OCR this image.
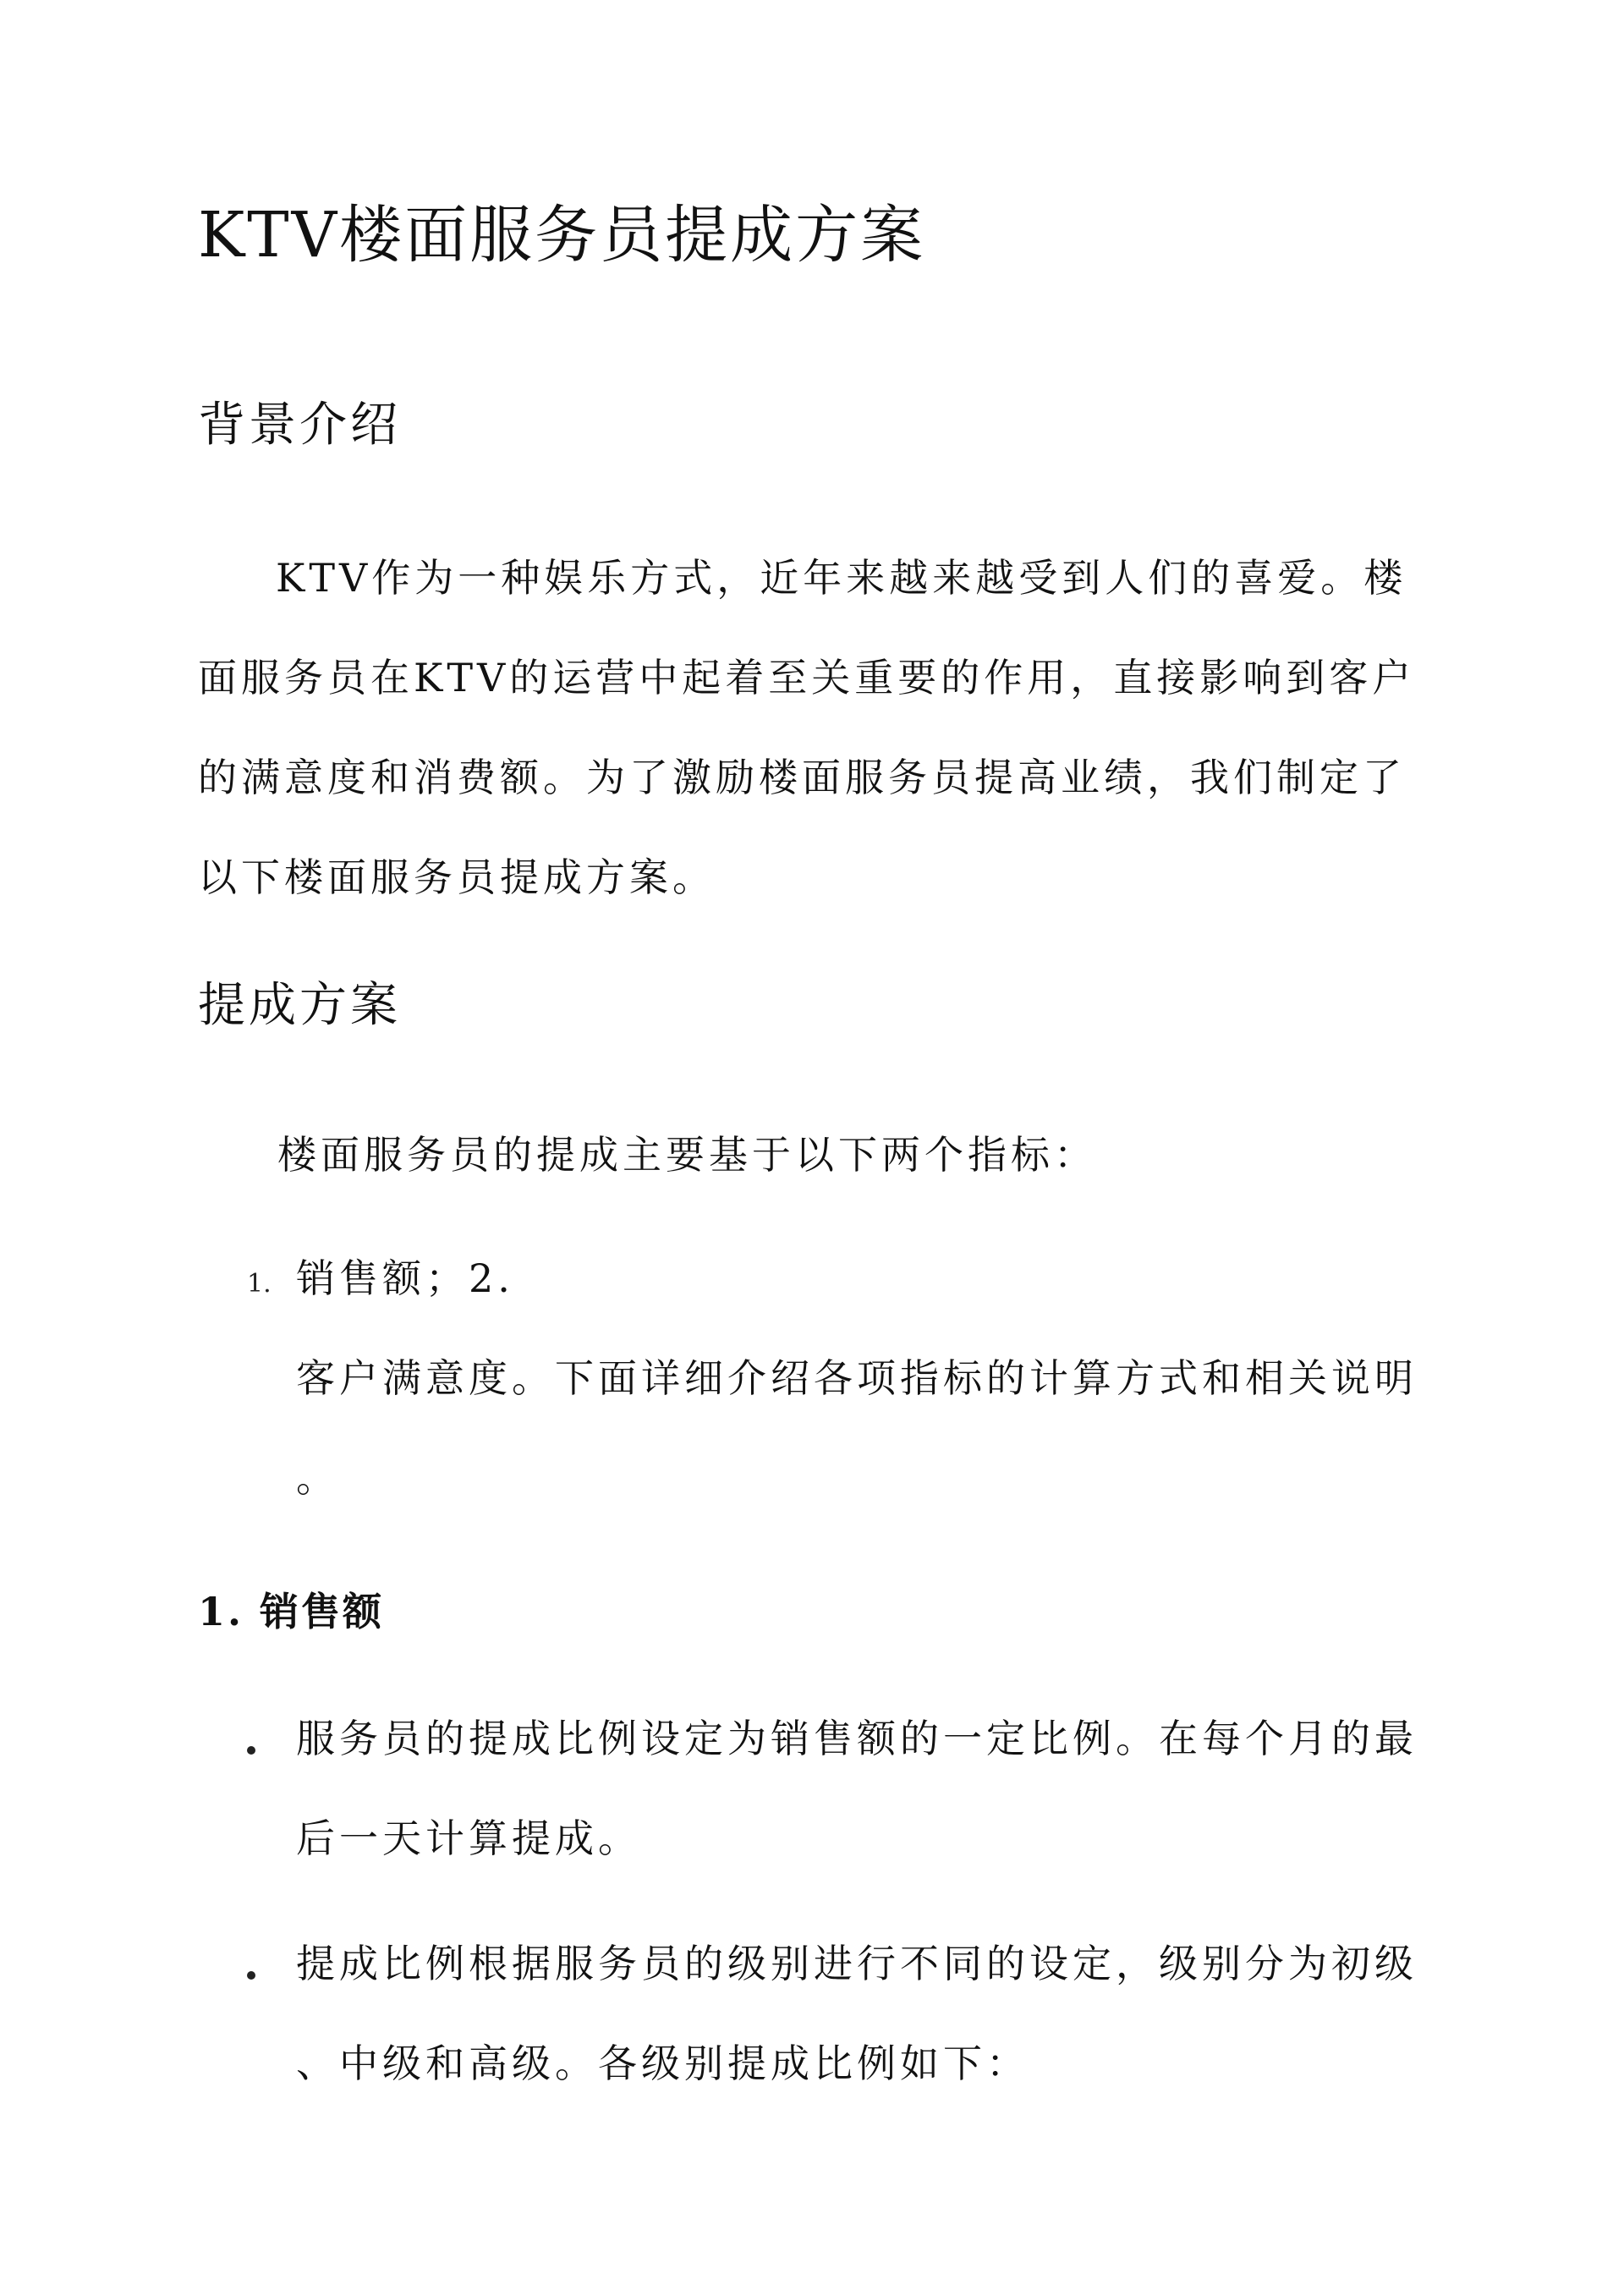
KTV楼面服务员提成方案
背景介绍

KTV作为一种娱乐方式，近年来越来越受到人们的喜爱。楼面服务员在KTV的运营中起着至关重要的作用，直接影响到客户的满意度和消费额。为了激励楼面服务员提高业绩，我们制定了以下楼面服务员提成方案。

提成方案

楼面服务员的提成主要基于以下两个指标：

1. 销售额；2.
客户满意度。下面详细介绍各项指标的计算方式和相关说明
。
1. 销售额
服务员的提成比例设定为销售额的一定比例。在每个月的最
后一天计算提成。
提成比例根据服务员的级别进行不同的设定，级别分为初级
、中级和高级。各级别提成比例如下：
